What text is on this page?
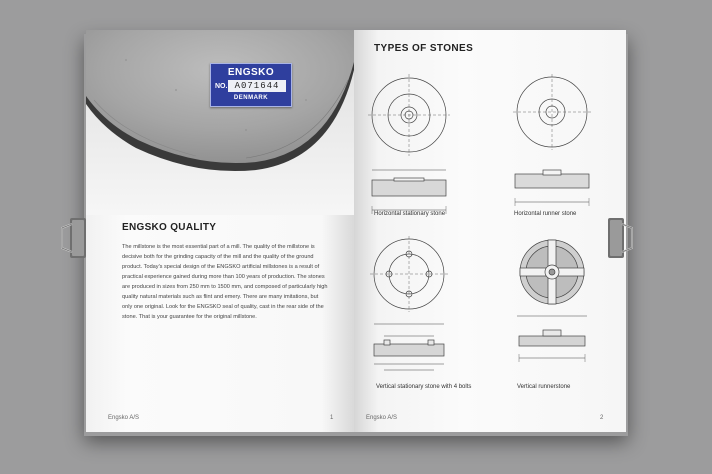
ENGSKO
NO. A071644
DENMARK
ENGSKO QUALITY

The millstone is the most essential part of a mill. The quality of the millstone is decisive both for the grinding capacity of the mill and the quality of the ground product. Today's special design of the ENGSKO artificial millstones is a result of practical experience gained during more than 100 years of production. The stones are produced in sizes from 250 mm to 1500 mm, and composed of particularly high quality natural materials such as flint and emery. There are many imitations, but only one original. Look for the ENGSKO seal of quality, cast in the rear side of the stone. That is your guarantee for the original millstone.

Engsko A/S	1
TYPES OF STONES
Horizontal stationary stone	Horizontal runner stone
Vertical stationary stone with 4 bolts	Vertical runnerstone
Engsko A/S	2
